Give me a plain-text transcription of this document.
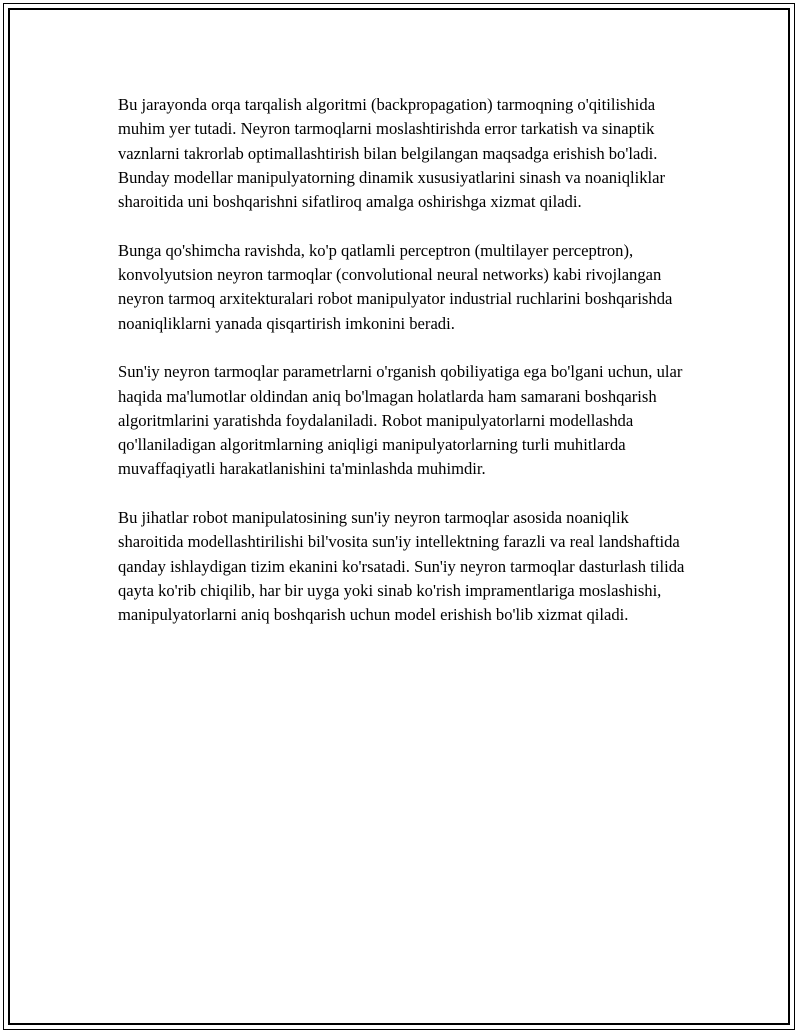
Bu jarayonda orqa tarqalish algoritmi (backpropagation) tarmoqning o'qitilishida muhim yer tutadi. Neyron tarmoqlarni moslashtirishda error tarkatish va sinaptik vaznlarni takrorlab optimallashtirish bilan belgilangan maqsadga erishish bo'ladi. Bunday modellar manipulyatorning dinamik xususiyatlarini sinash va noaniqliklar sharoitida uni boshqarishni sifatliroq amalga oshirishga xizmat qiladi.

Bunga qo'shimcha ravishda, ko'p qatlamli perceptron (multilayer perceptron), konvolyutsion neyron tarmoqlar (convolutional neural networks) kabi rivojlangan neyron tarmoq arxitekturalari robot manipulyator industrial ruchlarini boshqarishda noaniqliklarni yanada qisqartirish imkonini beradi.

Sun'iy neyron tarmoqlar parametrlarni o'rganish qobiliyatiga ega bo'lgani uchun, ular haqida ma'lumotlar oldindan aniq bo'lmagan holatlarda ham samarani boshqarish algoritmlarini yaratishda foydalaniladi. Robot manipulyatorlarni modellashda qo'llaniladigan algoritmlarning aniqligi manipulyatorlarning turli muhitlarda muvaffaqiyatli harakatlanishini ta'minlashda muhimdir.

Bu jihatlar robot manipulatosining sun'iy neyron tarmoqlar asosida noaniqlik sharoitida modellashtirilishi bil'vosita sun'iy intellektning farazli va real landshaftida qanday ishlaydigan tizim ekanini ko'rsatadi. Sun'iy neyron tarmoqlar dasturlash tilida qayta ko'rib chiqilib, har bir uyga yoki sinab ko'rish impramentlariga moslashishi, manipulyatorlarni aniq boshqarish uchun model erishish bo'lib xizmat qiladi.
